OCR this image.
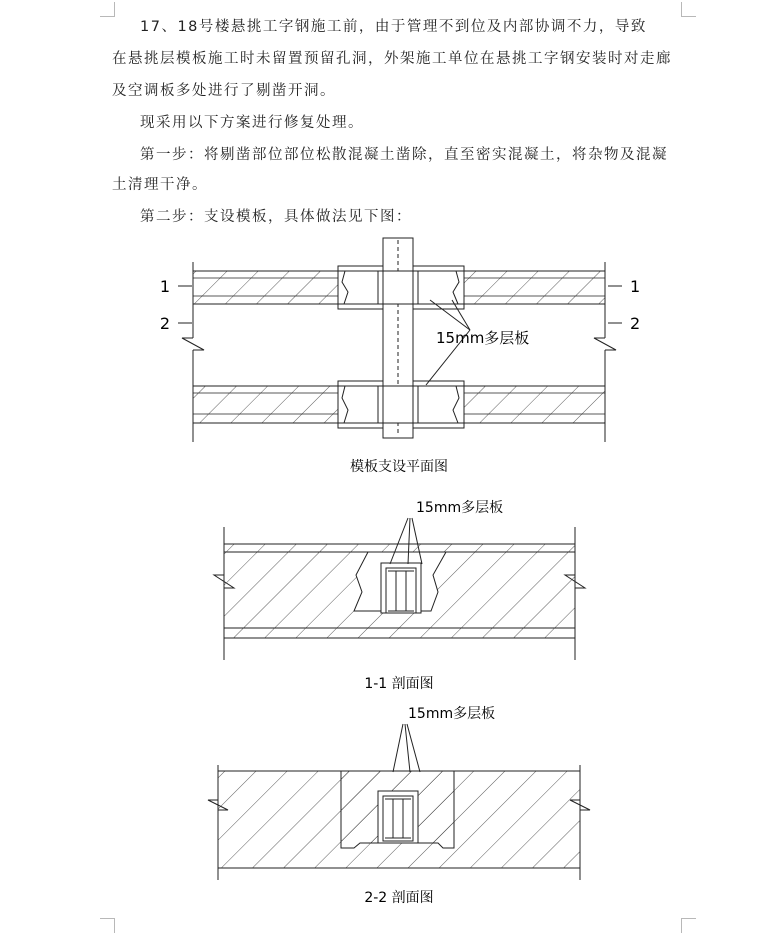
17、18号楼悬挑工字钢施工前，由于管理不到位及内部协调不力，导致
在悬挑层模板施工时未留置预留孔洞，外架施工单位在悬挑工字钢安装时对走廊
及空调板多处进行了剔凿开洞。
现采用以下方案进行修复处理。
第一步：将剔凿部位部位松散混凝土凿除，直至密实混凝土，将杂物及混凝
土清理干净。
第二步：支设模板，具体做法见下图：
1
2
1
2
15mm多层板
模板支设平面图
15mm多层板
1-1 剖面图
15mm多层板
2-2 剖面图
